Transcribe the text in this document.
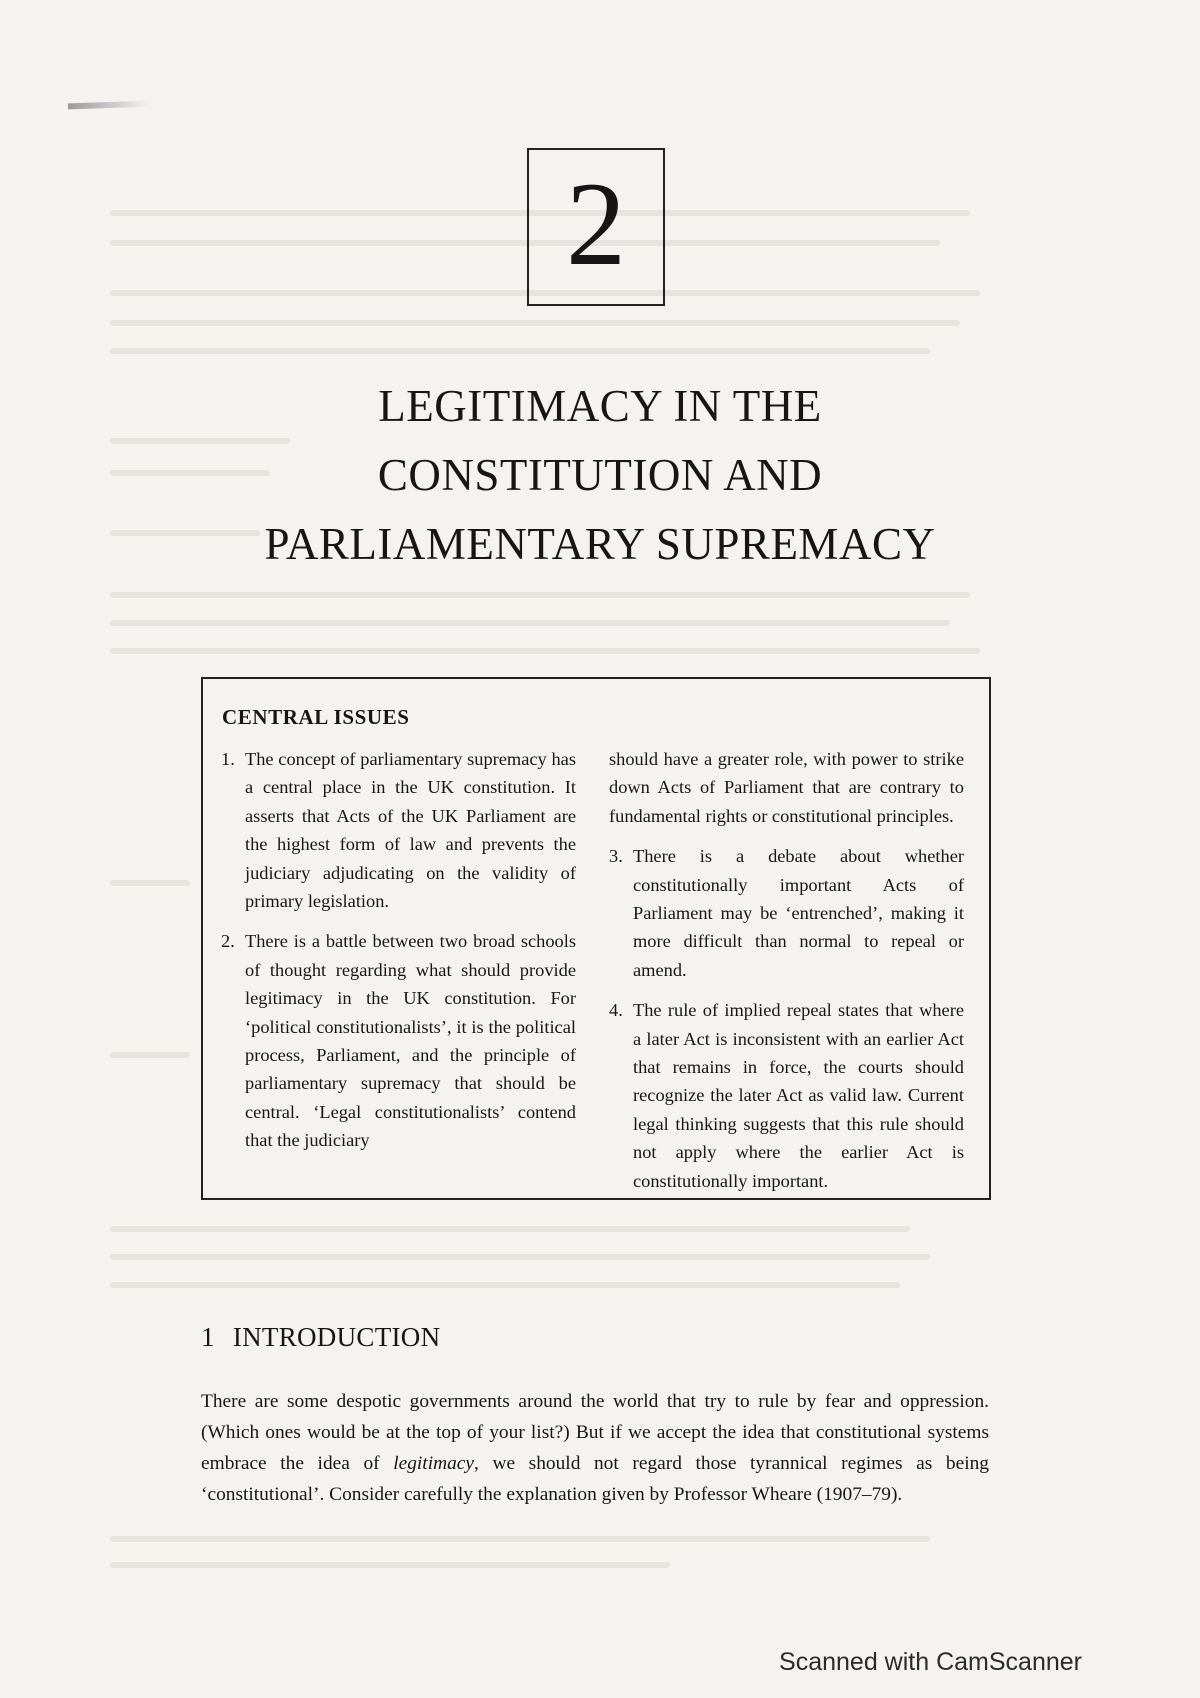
2
LEGITIMACY IN THE
CONSTITUTION AND
PARLIAMENTARY SUPREMACY
CENTRAL ISSUES
1. The concept of parliamentary supremacy has a central place in the UK constitution. It asserts that Acts of the UK Parliament are the highest form of law and prevents the judiciary adjudicating on the validity of primary legislation.
2. There is a battle between two broad schools of thought regarding what should provide legitimacy in the UK constitution. For ‘political constitutionalists’, it is the political process, Parliament, and the principle of parliamentary supremacy that should be central. ‘Legal constitutionalists’ contend that the judiciary
should have a greater role, with power to strike down Acts of Parliament that are contrary to fundamental rights or constitutional principles.
3. There is a debate about whether constitutionally important Acts of Parliament may be ‘entrenched’, making it more difficult than normal to repeal or amend.
4. The rule of implied repeal states that where a later Act is inconsistent with an earlier Act that remains in force, the courts should recognize the later Act as valid law. Current legal thinking suggests that this rule should not apply where the earlier Act is constitutionally important.
1 INTRODUCTION

There are some despotic governments around the world that try to rule by fear and oppression. (Which ones would be at the top of your list?) But if we accept the idea that constitutional systems embrace the idea of legitimacy, we should not regard those tyrannical regimes as being ‘constitutional’. Consider carefully the explanation given by Professor Wheare (1907–79).

Scanned with CamScanner
